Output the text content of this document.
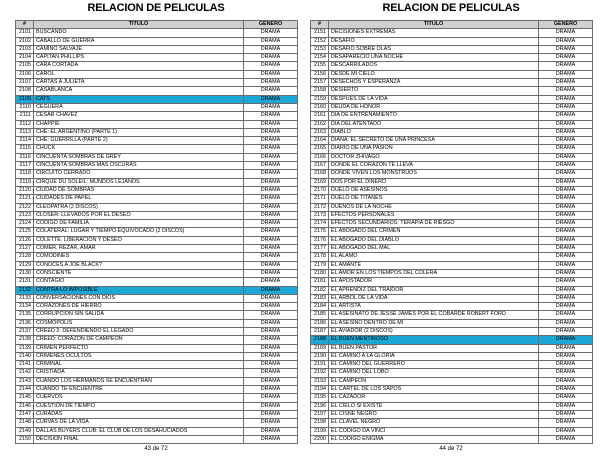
RELACION DE PELICULAS
#	TITULO	GENERO
2101	BUSCANDO	DRAMA
2102	CABALLO DE GUERRA	DRAMA
2103	CAMINO SALVAJE	DRAMA
2104	CAPITAN PHILLIPS	DRAMA
2105	CARA CORTADA	DRAMA
2106	CAROL	DRAMA
2107	CARTAS A JULIETA	DRAMA
2108	CASABLANCA	DRAMA
2109	CATS	DRAMA
2110	CEGUERA	DRAMA
2111	CESAR CHAVEZ	DRAMA
2112	CHAPPIE	DRAMA
2113	CHE: EL ARGENTINO (PARTE 1)	DRAMA
2114	CHE: GUERRILLA (PARTE 2)	DRAMA
2115	CHUCK	DRAMA
2116	CINCUENTA SOMBRAS DE GREY	DRAMA
2117	CINCUENTA SOMBRAS MAS OSCURAS	DRAMA
2118	CIRCUITO CERRADO	DRAMA
2119	CIRQUE DU SOLEIL: MUNDOS LEJANOS	DRAMA
2120	CIUDAD DE SOMBRAS	DRAMA
2121	CIUDADES DE PAPEL	DRAMA
2122	CLEOPATRA (2 DISCOS)	DRAMA
2123	CLOSER: LLEVADOS POR EL DESEO	DRAMA
2124	CODIGO DE FAMILIA	DRAMA
2125	COLATERAL: LUGAR Y TIEMPO EQUIVOCADO (2 DISCOS)	DRAMA
2126	COLETTE: LIBERACION Y DESEO	DRAMA
2127	COMER, REZAR, AMAR	DRAMA
2128	COMODINES	DRAMA
2129	CONOCES A JOE BLACK?	DRAMA
2130	CONSCIENTE	DRAMA
2131	CONTAGIO	DRAMA
2132	CONTRA LO IMPOSIBLE	DRAMA
2133	CONVERSACIONES CON DIOS	DRAMA
2134	CORAZONES DE HIERRO	DRAMA
2135	CORRUPCION SIN SALIDA	DRAMA
2136	COSMOPOLIS	DRAMA
2137	CREED 2: DEFENDIENDO EL LEGADO	DRAMA
2138	CREED: CORAZON DE CAMPEON	DRAMA
2139	CRIMEN PERFECTO	DRAMA
2140	CRIMENES OCULTOS	DRAMA
2141	CRIMINAL	DRAMA
2142	CRISTIADA	DRAMA
2143	CUANDO LOS HERMANOS SE ENCUENTRAN	DRAMA
2144	CUANDO TE ENCUENTRE	DRAMA
2145	CUERVOS	DRAMA
2146	CUESTION DE TIEMPO	DRAMA
2147	CURADAS	DRAMA
2148	CURVAS DE LA VIDA	DRAMA
2149	DALLAS BUYERS CLUB: EL CLUB DE LOS DESAHUCIADOS	DRAMA
2150	DECISION FINAL	DRAMA
43 de 72
RELACION DE PELICULAS
#	TITULO	GENERO
2151	DECISIONES EXTREMAS	DRAMA
2152	DESAFIO	DRAMA
2153	DESAFIO SOBRE OLAS	DRAMA
2154	DESAPARECIO UNA NOCHE	DRAMA
2155	DESCARRILADOS	DRAMA
2156	DESDE MI CIELO	DRAMA
2157	DESECHOS Y ESPERANZA	DRAMA
2158	DESIERTO	DRAMA
2159	DESPUES DE LA VIDA	DRAMA
2160	DEUDA DE HONOR	DRAMA
2161	DIA DE ENTRENAMIENTO	DRAMA
2162	DIA DEL ATENTADO	DRAMA
2163	DIABLO	DRAMA
2164	DIANA: EL SECRETO DE UNA PRINCESA	DRAMA
2165	DIARIO DE UNA PASION	DRAMA
2166	DOCTOR ZHIVAGO	DRAMA
2167	DONDE EL CORAZON TE LLEVA	DRAMA
2168	DONDE VIVEN LOS MONSTRUOS	DRAMA
2169	DOS POR EL DINERO	DRAMA
2170	DUELO DE ASESINOS	DRAMA
2171	DUELO DE TITANES	DRAMA
2172	DUEÑOS DE LA NOCHE	DRAMA
2173	EFECTOS PERSONALES	DRAMA
2174	EFECTOS SECUNDARIOS: TERAPIA DE RIESGO	DRAMA
2175	EL ABOGADO DEL CRIMEN	DRAMA
2176	EL ABOGADO DEL DIABLO	DRAMA
2177	EL ABOGADO DEL MAL	DRAMA
2178	EL ALAMO	DRAMA
2179	EL AMANTE	DRAMA
2180	EL AMOR EN LOS TIEMPOS DEL COLERA	DRAMA
2181	EL APOSTADOR	DRAMA
2182	EL APRENDIZ DEL TRAIDOR	DRAMA
2183	EL ARBOL DE LA VIDA	DRAMA
2184	EL ARTISTA	DRAMA
2185	EL ASESINATO DE JESSE JAMES POR EL COBARDE ROBERT FORD	DRAMA
2186	EL ASESINO DENTRO DE MI	DRAMA
2187	EL AVIADOR (2 DISCOS)	DRAMA
2188	EL BUEN MENTIROSO	DRAMA
2189	EL BUEN PASTOR	DRAMA
2190	EL CAMINO A LA GLORIA	DRAMA
2191	EL CAMINO DEL GUERRERO	DRAMA
2192	EL CAMINO DEL LOBO	DRAMA
2193	EL CAMPEON	DRAMA
2194	EL CARTEL DE LOS SAPOS	DRAMA
2195	EL CAZADOR	DRAMA
2196	EL CIELO SI EXISTE	DRAMA
2197	EL CISNE NEGRO	DRAMA
2198	EL CLAVEL NEGRO	DRAMA
2199	EL CODIGO DA VINCI	DRAMA
2200	EL CODIGO ENIGMA	DRAMA
44 de 72
